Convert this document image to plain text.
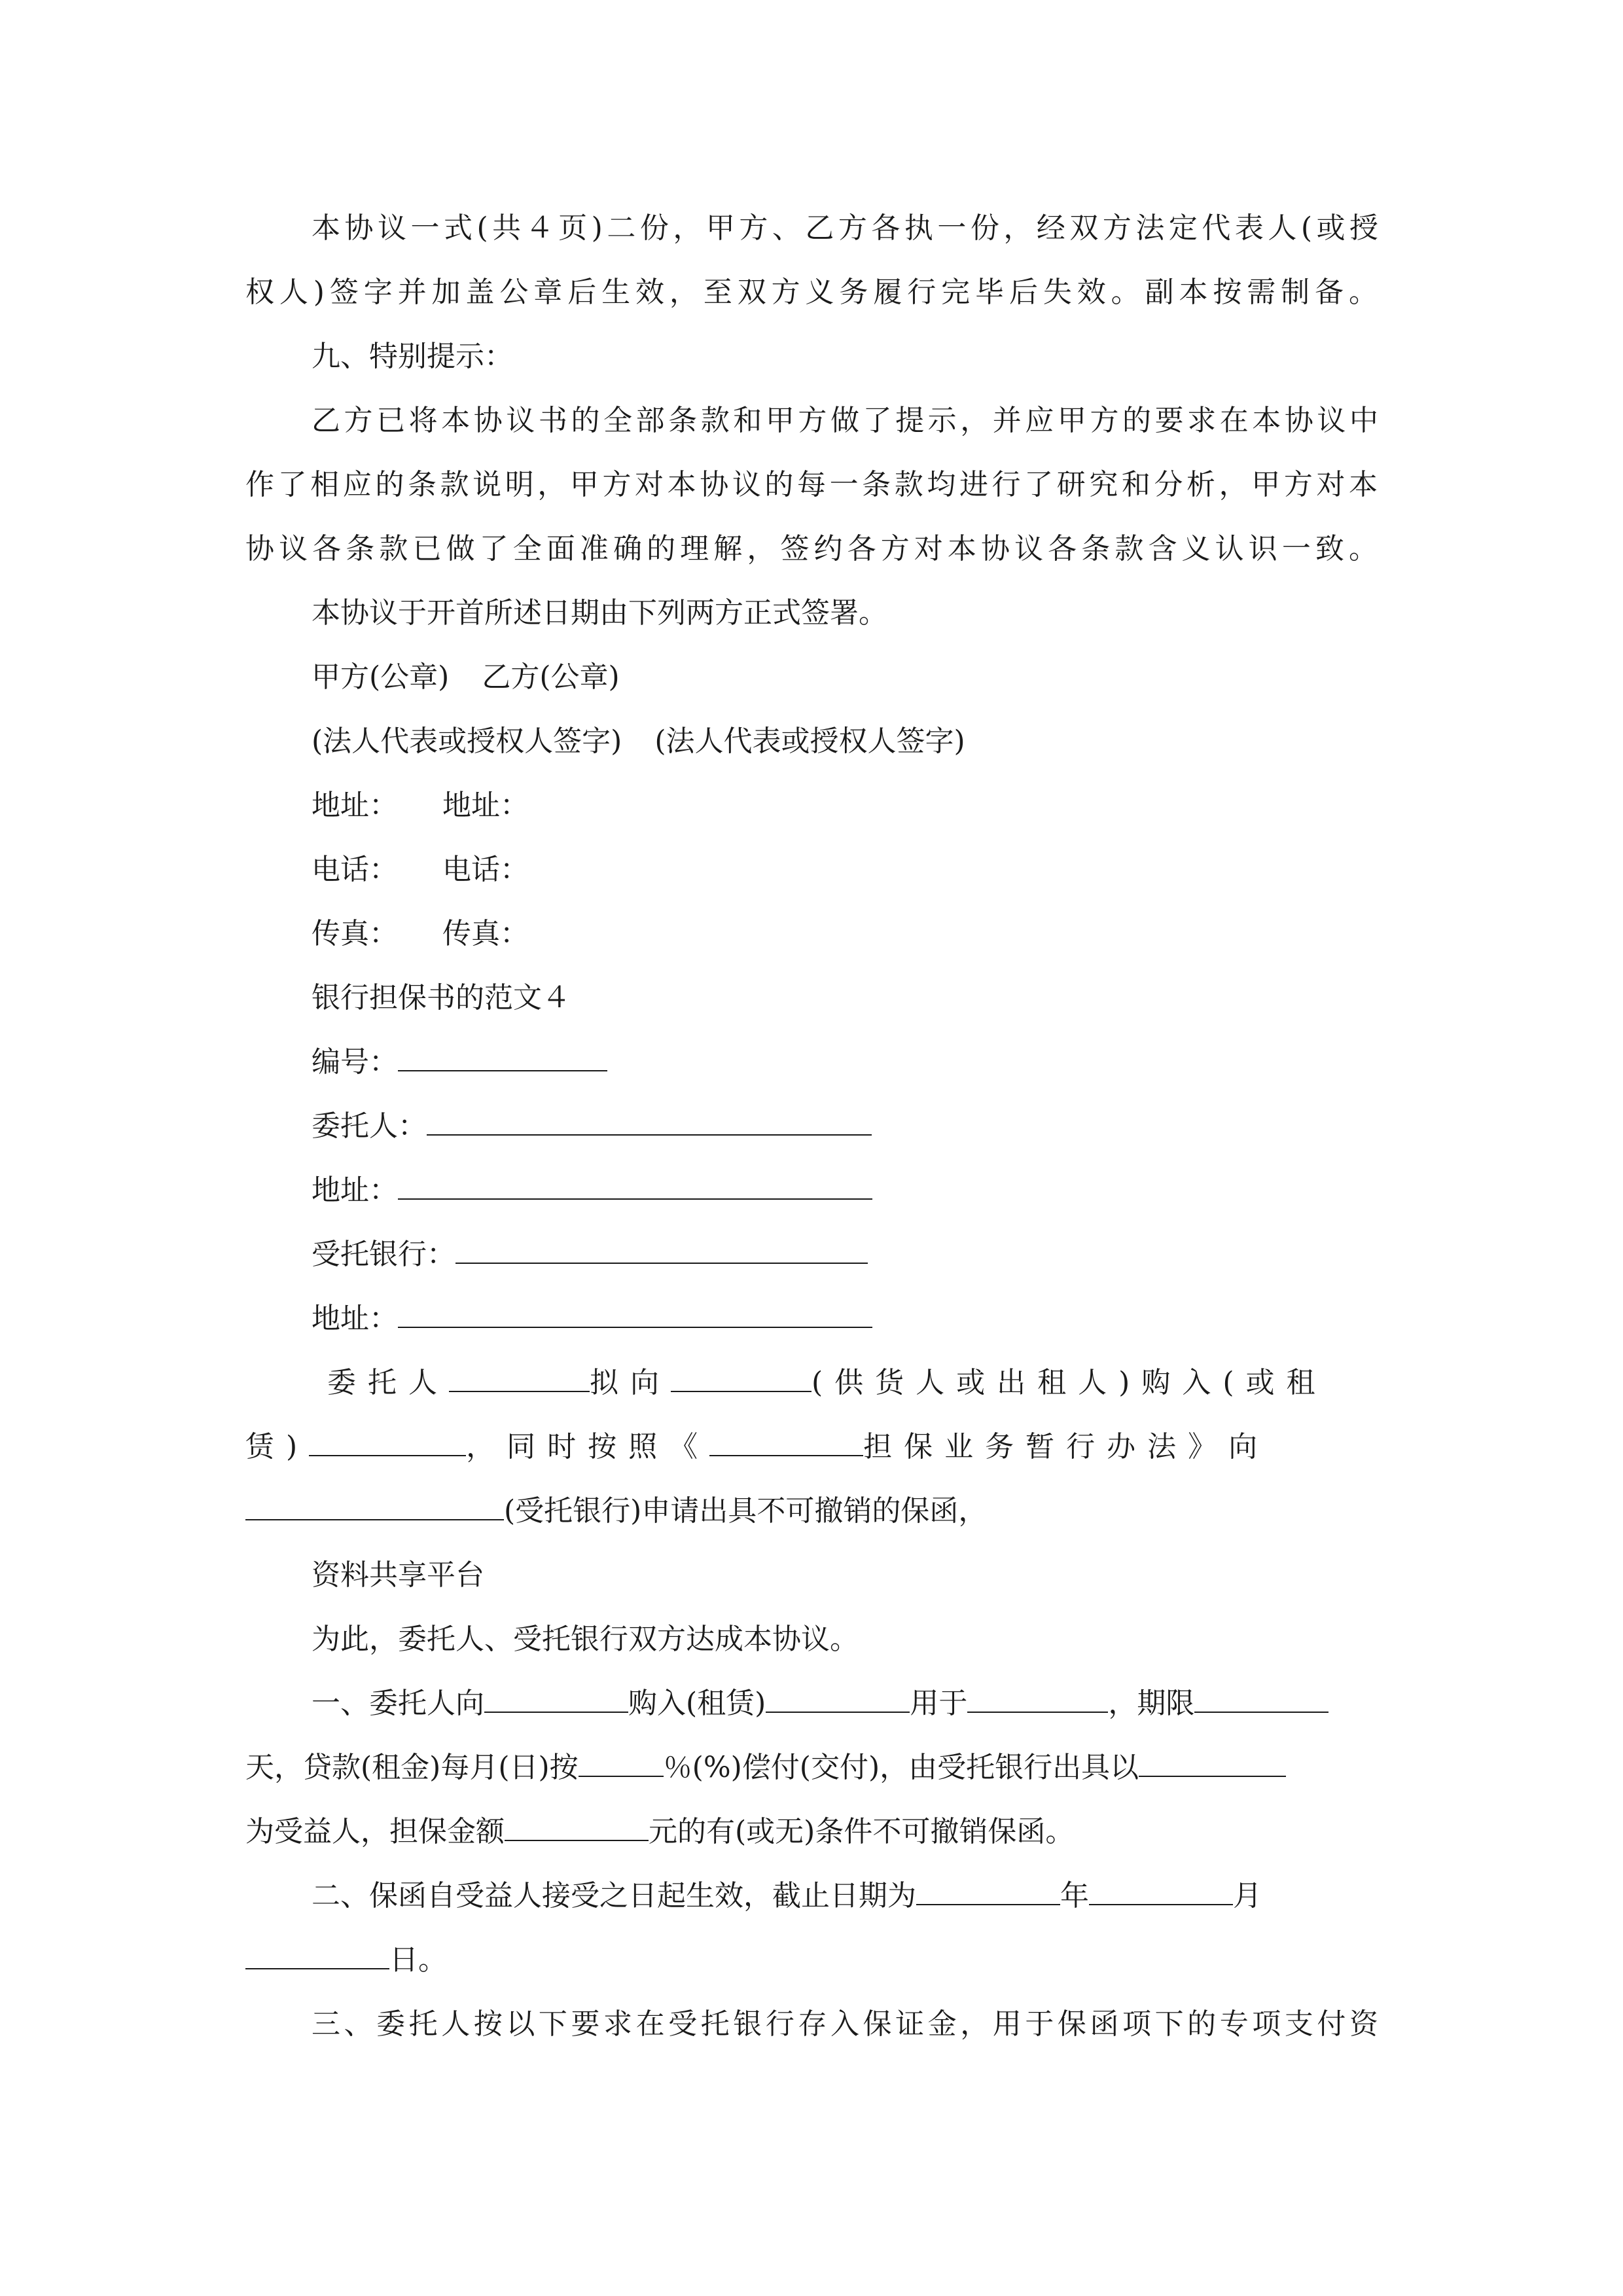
本协议一式(共４页)二份，甲方、乙方各执一份，经双方法定代表人(或授
权人)签字并加盖公章后生效，至双方义务履行完毕后失效。副本按需制备。
九、特别提示：
乙方已将本协议书的全部条款和甲方做了提示，并应甲方的要求在本协议中
作了相应的条款说明，甲方对本协议的每一条款均进行了研究和分析，甲方对本
协议各条款已做了全面准确的理解，签约各方对本协议各条款含义认识一致。
本协议于开首所述日期由下列两方正式签署。
甲方(公章) 乙方(公章)
(法人代表或授权人签字) (法人代表或授权人签字)
地址： 地址：
电话： 电话：
传真： 传真：
银行担保书的范文４
编号：
委托人：
地址：
受托银行：
地址：
委托人	拟向	(供货人或出租人)购入(或租
赁)	，同时按照《	担保业务暂行办法》向
(受托银行)申请出具不可撤销的保函，
资料共享平台
为此，委托人、受托银行双方达成本协议。
一、委托人向	购入(租赁)	用于	，期限
天，贷款(租金)每月(日)按	％(%)偿付(交付)，由受托银行出具以
为受益人，担保金额	元的有(或无)条件不可撤销保函。
二、保函自受益人接受之日起生效，截止日期为	年	月
日。
三、委托人按以下要求在受托银行存入保证金，用于保函项下的专项支付资
